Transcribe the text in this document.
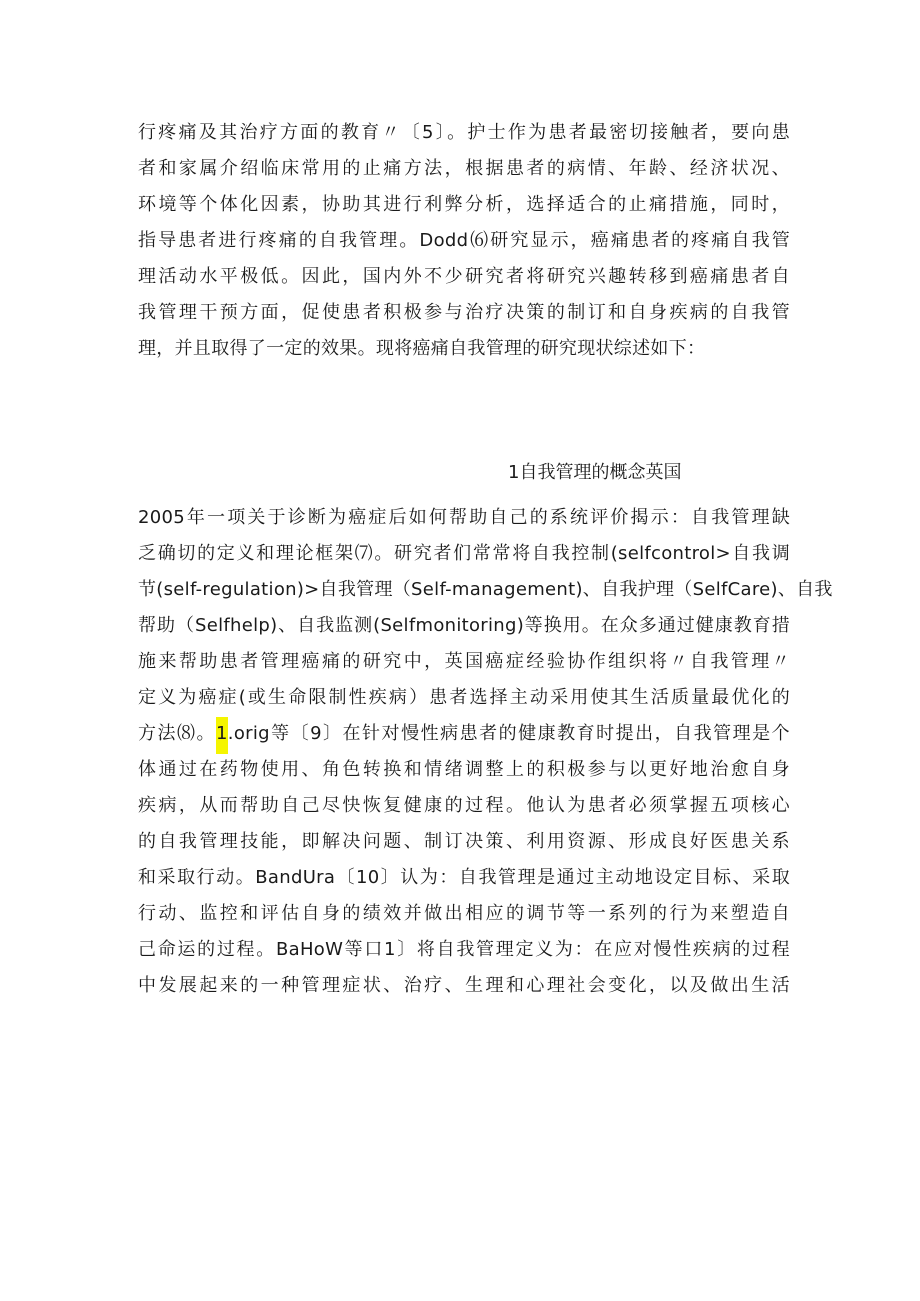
行疼痛及其治疗方面的教育〃〔5〕。护士作为患者最密切接触者，要向患
者和家属介绍临床常用的止痛方法，根据患者的病情、年龄、经济状况、
环境等个体化因素，协助其进行利弊分析，选择适合的止痛措施，同时，
指导患者进行疼痛的自我管理。Dodd⑹研究显示，癌痛患者的疼痛自我管
理活动水平极低。因此，国内外不少研究者将研究兴趣转移到癌痛患者自
我管理干预方面，促使患者积极参与治疗决策的制订和自身疾病的自我管
理，并且取得了一定的效果。现将癌痛自我管理的研究现状综述如下：
1自我管理的概念英国
2005年一项关于诊断为癌症后如何帮助自己的系统评价揭示：自我管理缺
乏确切的定义和理论框架⑺。研究者们常常将自我控制(selfcontrol>自我调
节(self-regulation)>自我管理（Self-management)、自我护理（SelfCare)、自我
帮助（Selfhelp)、自我监测(Selfmonitoring)等换用。在众多通过健康教育措
施来帮助患者管理癌痛的研究中，英国癌症经验协作组织将〃自我管理〃
定义为癌症(或生命限制性疾病）患者选择主动采用使其生活质量最优化的
方法⑻。1.orig等〔9〕在针对慢性病患者的健康教育时提出，自我管理是个
体通过在药物使用、角色转换和情绪调整上的积极参与以更好地治愈自身
疾病，从而帮助自己尽快恢复健康的过程。他认为患者必须掌握五项核心
的自我管理技能，即解决问题、制订决策、利用资源、形成良好医患关系
和采取行动。BandUra〔10〕认为：自我管理是通过主动地设定目标、采取
行动、监控和评估自身的绩效并做出相应的调节等一系列的行为来塑造自
己命运的过程。BaHoW等口1〕将自我管理定义为：在应对慢性疾病的过程
中发展起来的一种管理症状、治疗、生理和心理社会变化，以及做出生活
